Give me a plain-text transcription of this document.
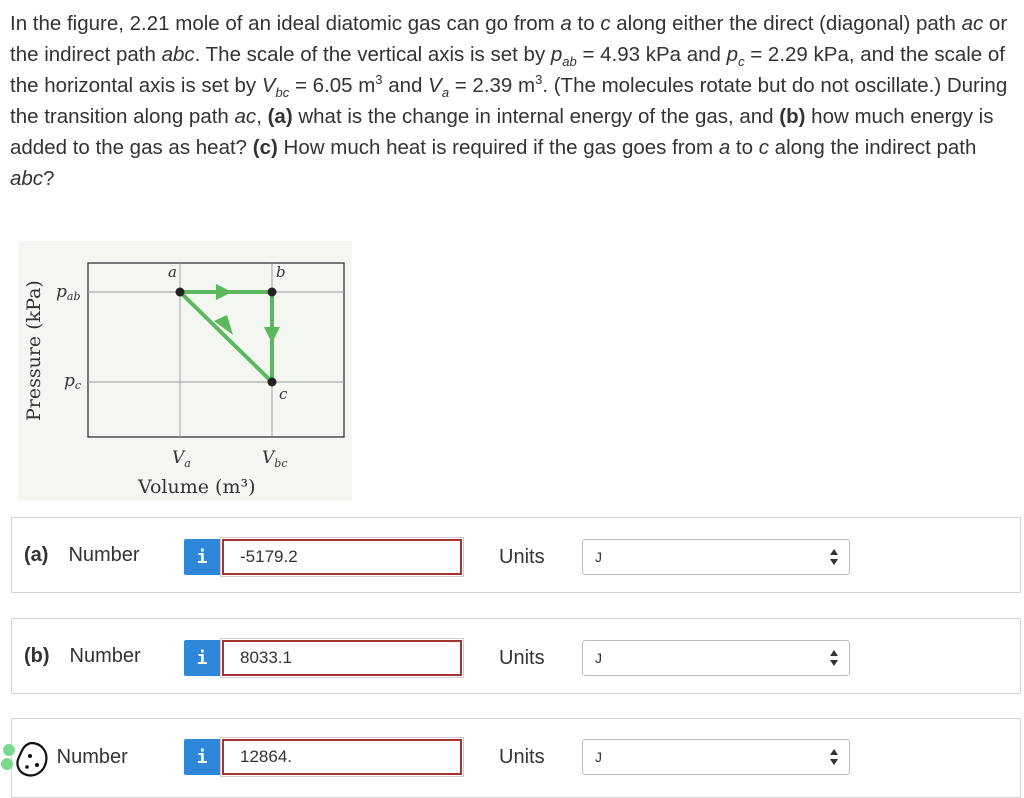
In the figure, 2.21 mole of an ideal diatomic gas can go from a to c along either the direct (diagonal) path ac or the indirect path abc. The scale of the vertical axis is set by $p_{ab} = 4.93$ kPa and $p_c = 2.29$ kPa, and the scale of the horizontal axis is set by $V_{bc} = 6.05$ $m^3$ and $V_a = 2.39$ $m^3$. (The molecules rotate but do not oscillate.) During the transition along path ac, (a) what is the change in internal energy of the gas, and (b) how much energy is added to the gas as heat? (c) How much heat is required if the gas goes from a to c along the indirect path abc?
a	b
c
pab
pc
$V_a$	$V_{bc}$
Volume (m³)
Pressure (kPa)
(a) Number	i	-5179.2	Units	J
(b) Number	i	8033.1	Units	J
Number	i	12864.	Units	J
